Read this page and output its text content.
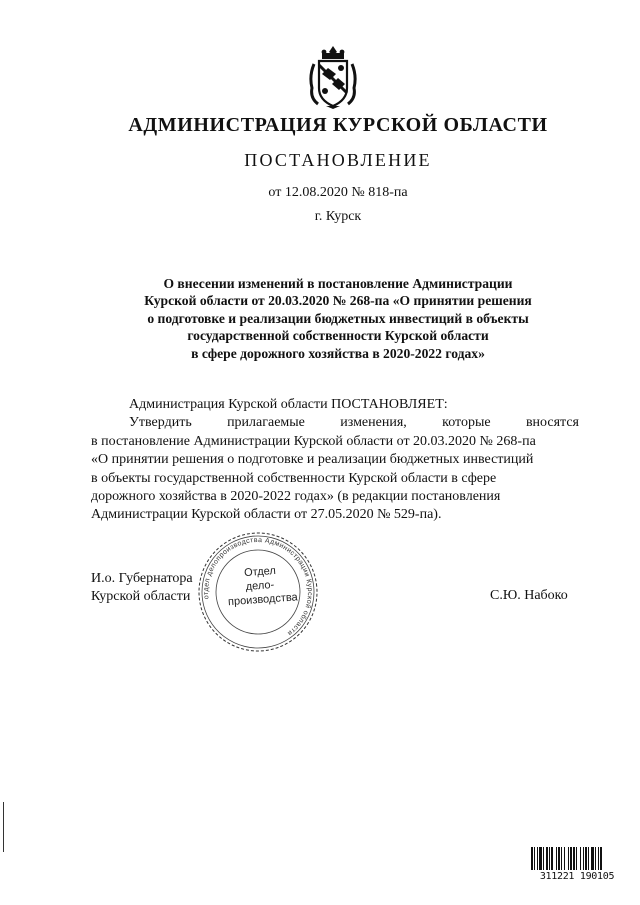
АДМИНИСТРАЦИЯ КУРСКОЙ ОБЛАСТИ
ПОСТАНОВЛЕНИЕ
от 12.08.2020 № 818-па
г. Курск
О внесении изменений в постановление Администрации
Курской области от 20.03.2020 № 268-па «О принятии решения
о подготовке и реализации бюджетных инвестиций в объекты
государственной собственности Курской области
в сфере дорожного хозяйства в 2020-2022 годах»
Администрация Курской области ПОСТАНОВЛЯЕТ:
Утвердить	прилагаемые	изменения,	которые	вносятся
в постановление Администрации Курской области от 20.03.2020 № 268-па
«О принятии решения о подготовке и реализации бюджетных инвестиций
в объекты государственной собственности Курской области в сфере
дорожного хозяйства в 2020-2022 годах» (в редакции постановления
Администрации Курской области от 27.05.2020 № 529-па).
И.о. Губернатора
Курской области	С.Ю. Набоко
отдел делопроизводства Администрации Курской области
Отдел
дело-
производства
311221 190105
